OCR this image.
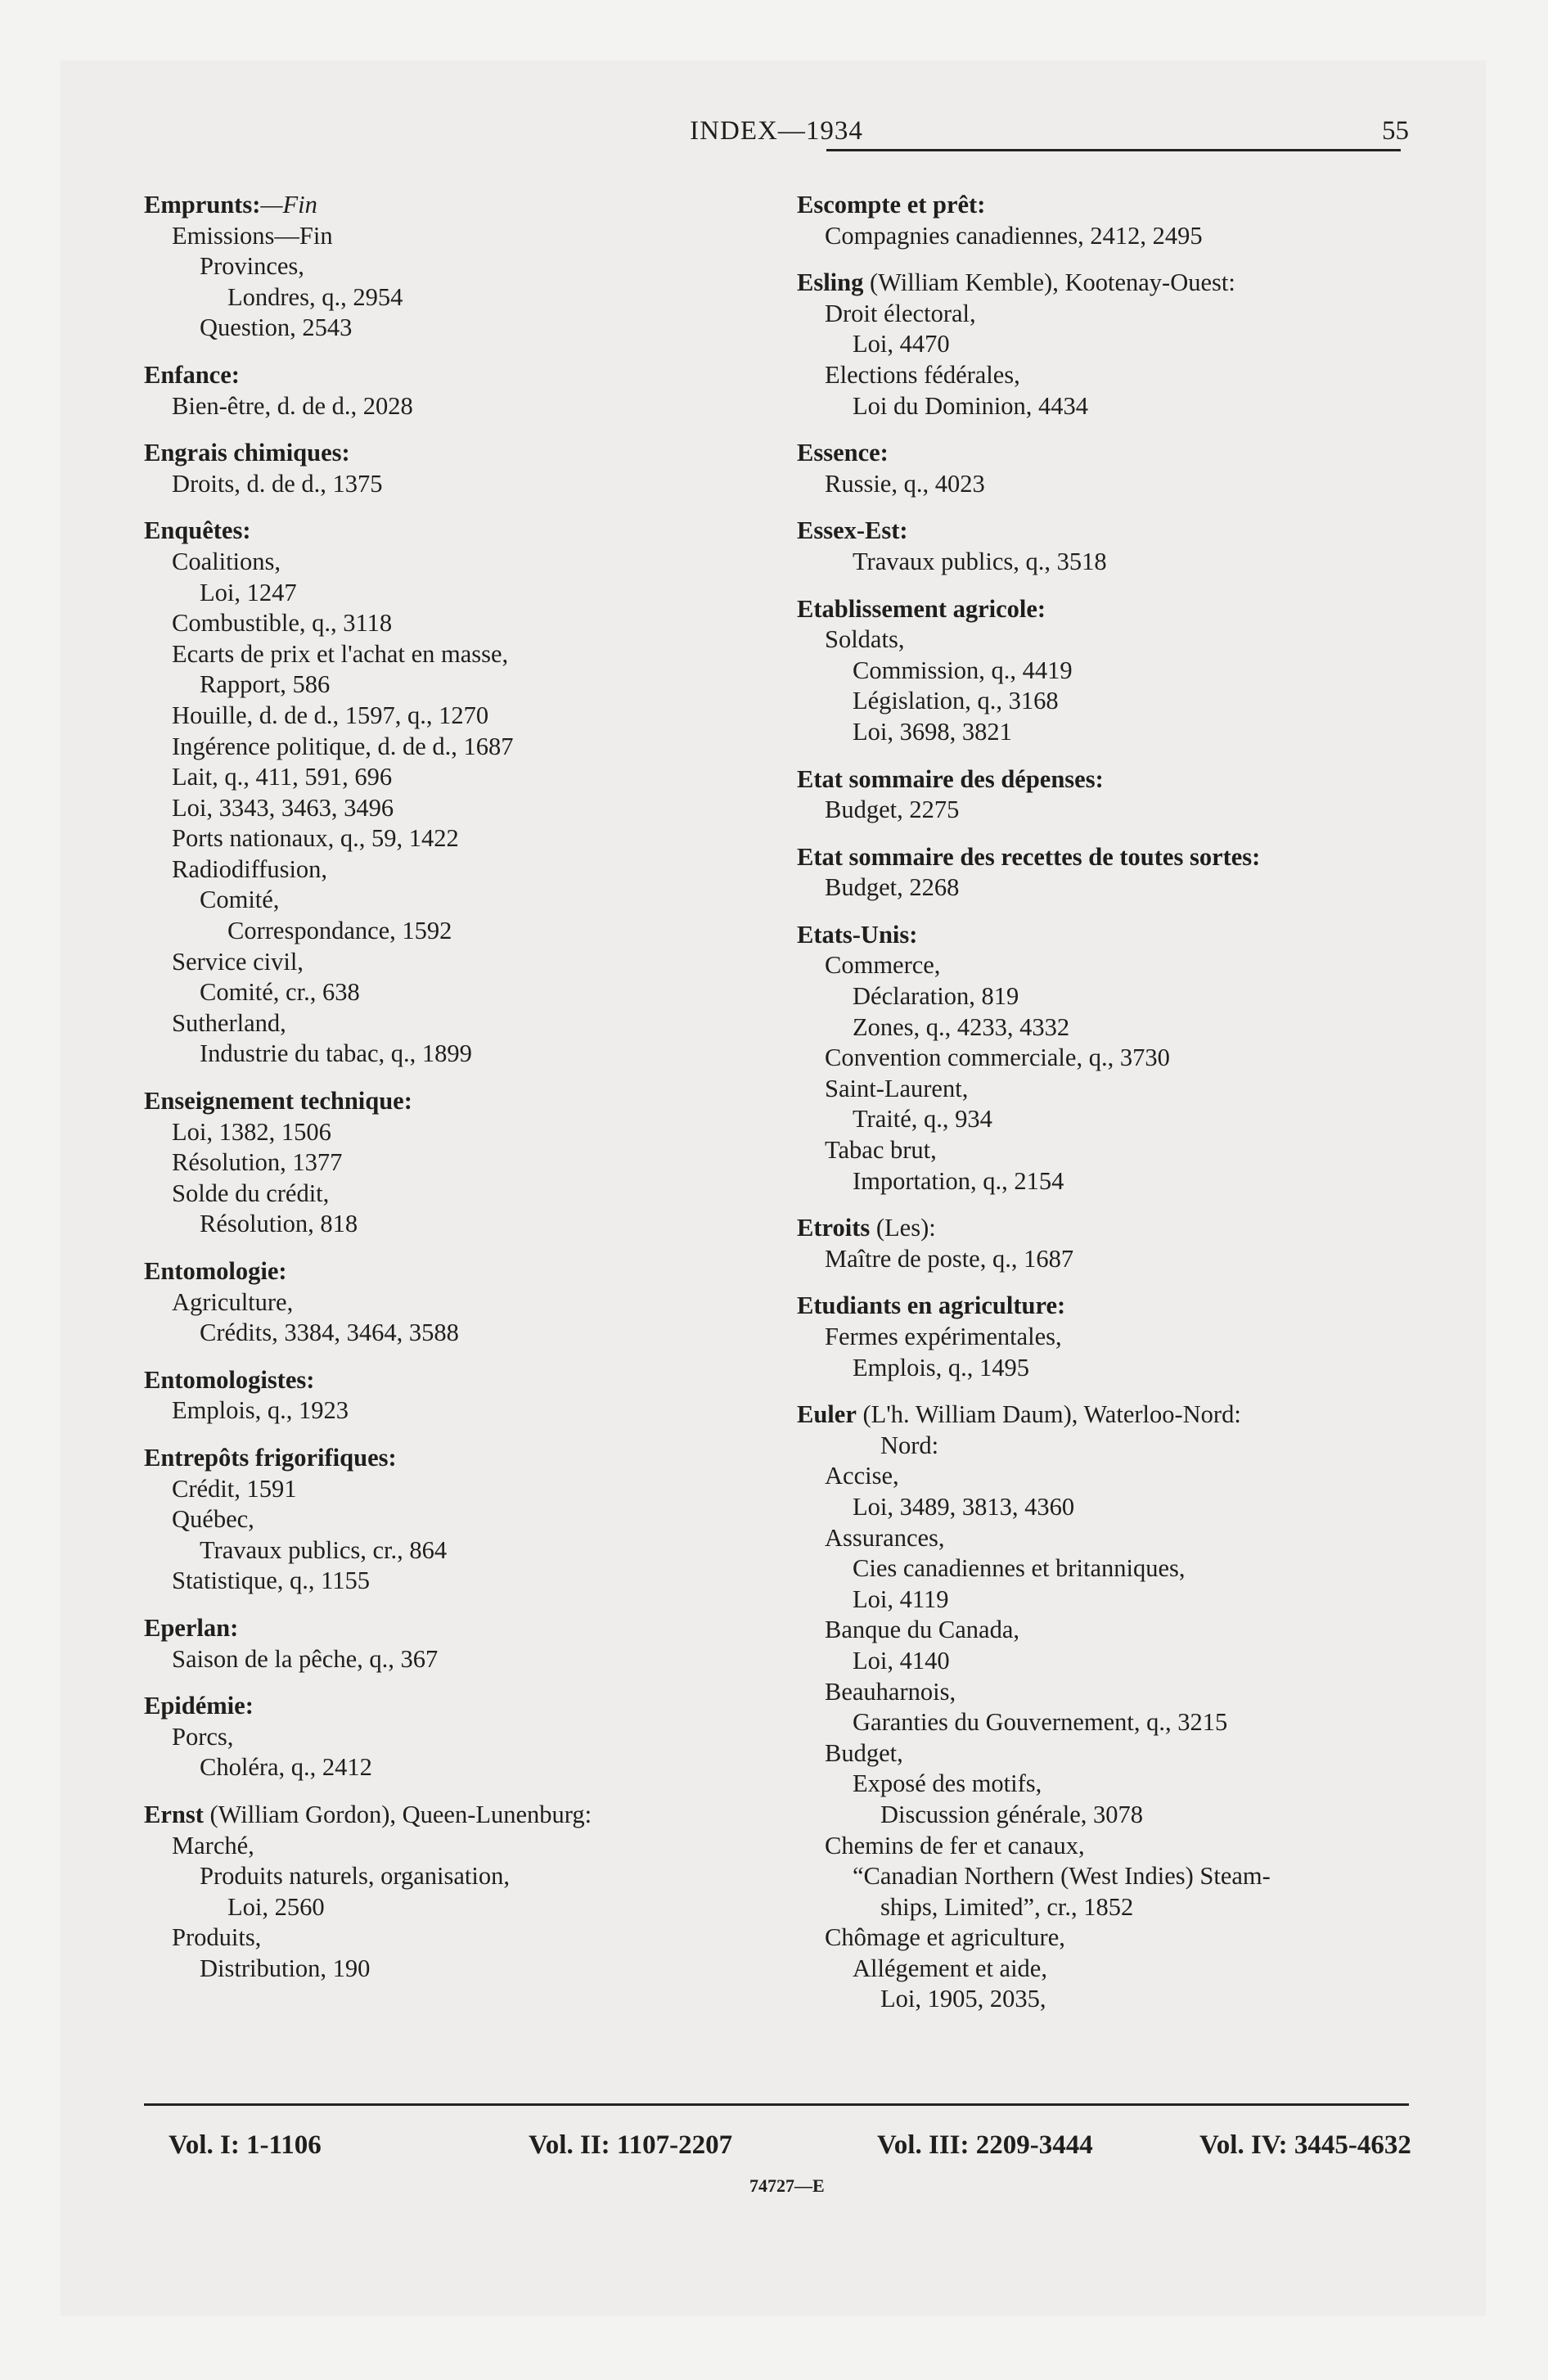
INDEX—1934	55
Emprunts:—Fin
Emissions—Fin
Provinces,
Londres, q., 2954
Question, 2543
Enfance:
Bien-être, d. de d., 2028
Engrais chimiques:
Droits, d. de d., 1375
Enquêtes:
Coalitions,
Loi, 1247
Combustible, q., 3118
Ecarts de prix et l'achat en masse,
Rapport, 586
Houille, d. de d., 1597, q., 1270
Ingérence politique, d. de d., 1687
Lait, q., 411, 591, 696
Loi, 3343, 3463, 3496
Ports nationaux, q., 59, 1422
Radiodiffusion,
Comité,
Correspondance, 1592
Service civil,
Comité, cr., 638
Sutherland,
Industrie du tabac, q., 1899
Enseignement technique:
Loi, 1382, 1506
Résolution, 1377
Solde du crédit,
Résolution, 818
Entomologie:
Agriculture,
Crédits, 3384, 3464, 3588
Entomologistes:
Emplois, q., 1923
Entrepôts frigorifiques:
Crédit, 1591
Québec,
Travaux publics, cr., 864
Statistique, q., 1155
Eperlan:
Saison de la pêche, q., 367
Epidémie:
Porcs,
Choléra, q., 2412
Ernst (William Gordon), Queen-Lunenburg:
Marché,
Produits naturels, organisation,
Loi, 2560
Produits,
Distribution, 190
Escompte et prêt:
Compagnies canadiennes, 2412, 2495
Esling (William Kemble), Kootenay-Ouest:
Droit électoral,
Loi, 4470
Elections fédérales,
Loi du Dominion, 4434
Essence:
Russie, q., 4023
Essex-Est:
Travaux publics, q., 3518
Etablissement agricole:
Soldats,
Commission, q., 4419
Législation, q., 3168
Loi, 3698, 3821
Etat sommaire des dépenses:
Budget, 2275
Etat sommaire des recettes de toutes sortes:
Budget, 2268
Etats-Unis:
Commerce,
Déclaration, 819
Zones, q., 4233, 4332
Convention commerciale, q., 3730
Saint-Laurent,
Traité, q., 934
Tabac brut,
Importation, q., 2154
Etroits (Les):
Maître de poste, q., 1687
Etudiants en agriculture:
Fermes expérimentales,
Emplois, q., 1495
Euler (L'h. William Daum), Waterloo-Nord:
Nord:
Accise,
Loi, 3489, 3813, 4360
Assurances,
Cies canadiennes et britanniques,
Loi, 4119
Banque du Canada,
Loi, 4140
Beauharnois,
Garanties du Gouvernement, q., 3215
Budget,
Exposé des motifs,
Discussion générale, 3078
Chemins de fer et canaux,
“Canadian Northern (West Indies) Steam-
ships, Limited”, cr., 1852
Chômage et agriculture,
Allégement et aide,
Loi, 1905, 2035,
Vol. I: 1-1106	Vol. II: 1107-2207	Vol. III: 2209-3444	Vol. IV: 3445-4632
74727—E
